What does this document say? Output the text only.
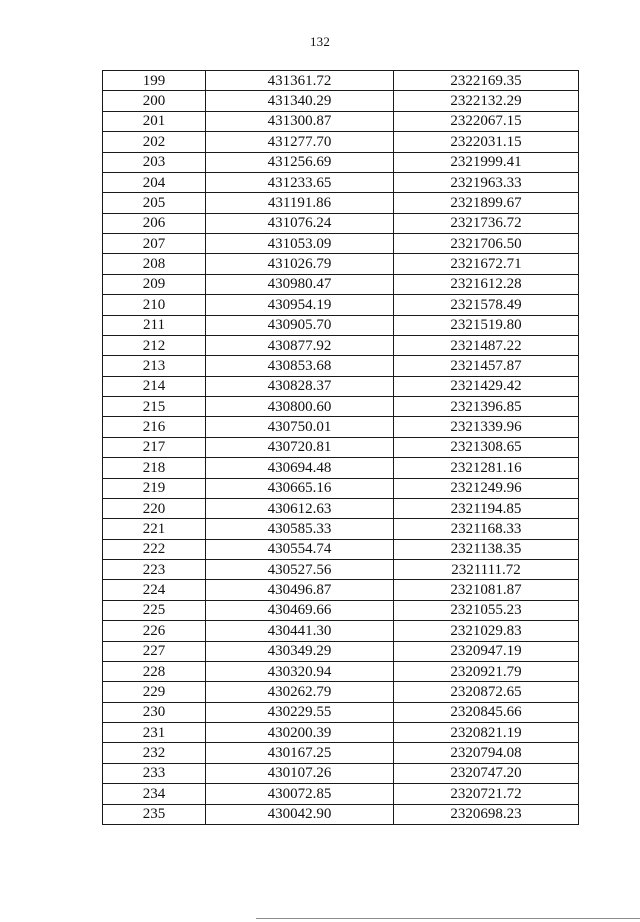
132
199	431361.72	2322169.35
200	431340.29	2322132.29
201	431300.87	2322067.15
202	431277.70	2322031.15
203	431256.69	2321999.41
204	431233.65	2321963.33
205	431191.86	2321899.67
206	431076.24	2321736.72
207	431053.09	2321706.50
208	431026.79	2321672.71
209	430980.47	2321612.28
210	430954.19	2321578.49
211	430905.70	2321519.80
212	430877.92	2321487.22
213	430853.68	2321457.87
214	430828.37	2321429.42
215	430800.60	2321396.85
216	430750.01	2321339.96
217	430720.81	2321308.65
218	430694.48	2321281.16
219	430665.16	2321249.96
220	430612.63	2321194.85
221	430585.33	2321168.33
222	430554.74	2321138.35
223	430527.56	2321111.72
224	430496.87	2321081.87
225	430469.66	2321055.23
226	430441.30	2321029.83
227	430349.29	2320947.19
228	430320.94	2320921.79
229	430262.79	2320872.65
230	430229.55	2320845.66
231	430200.39	2320821.19
232	430167.25	2320794.08
233	430107.26	2320747.20
234	430072.85	2320721.72
235	430042.90	2320698.23
